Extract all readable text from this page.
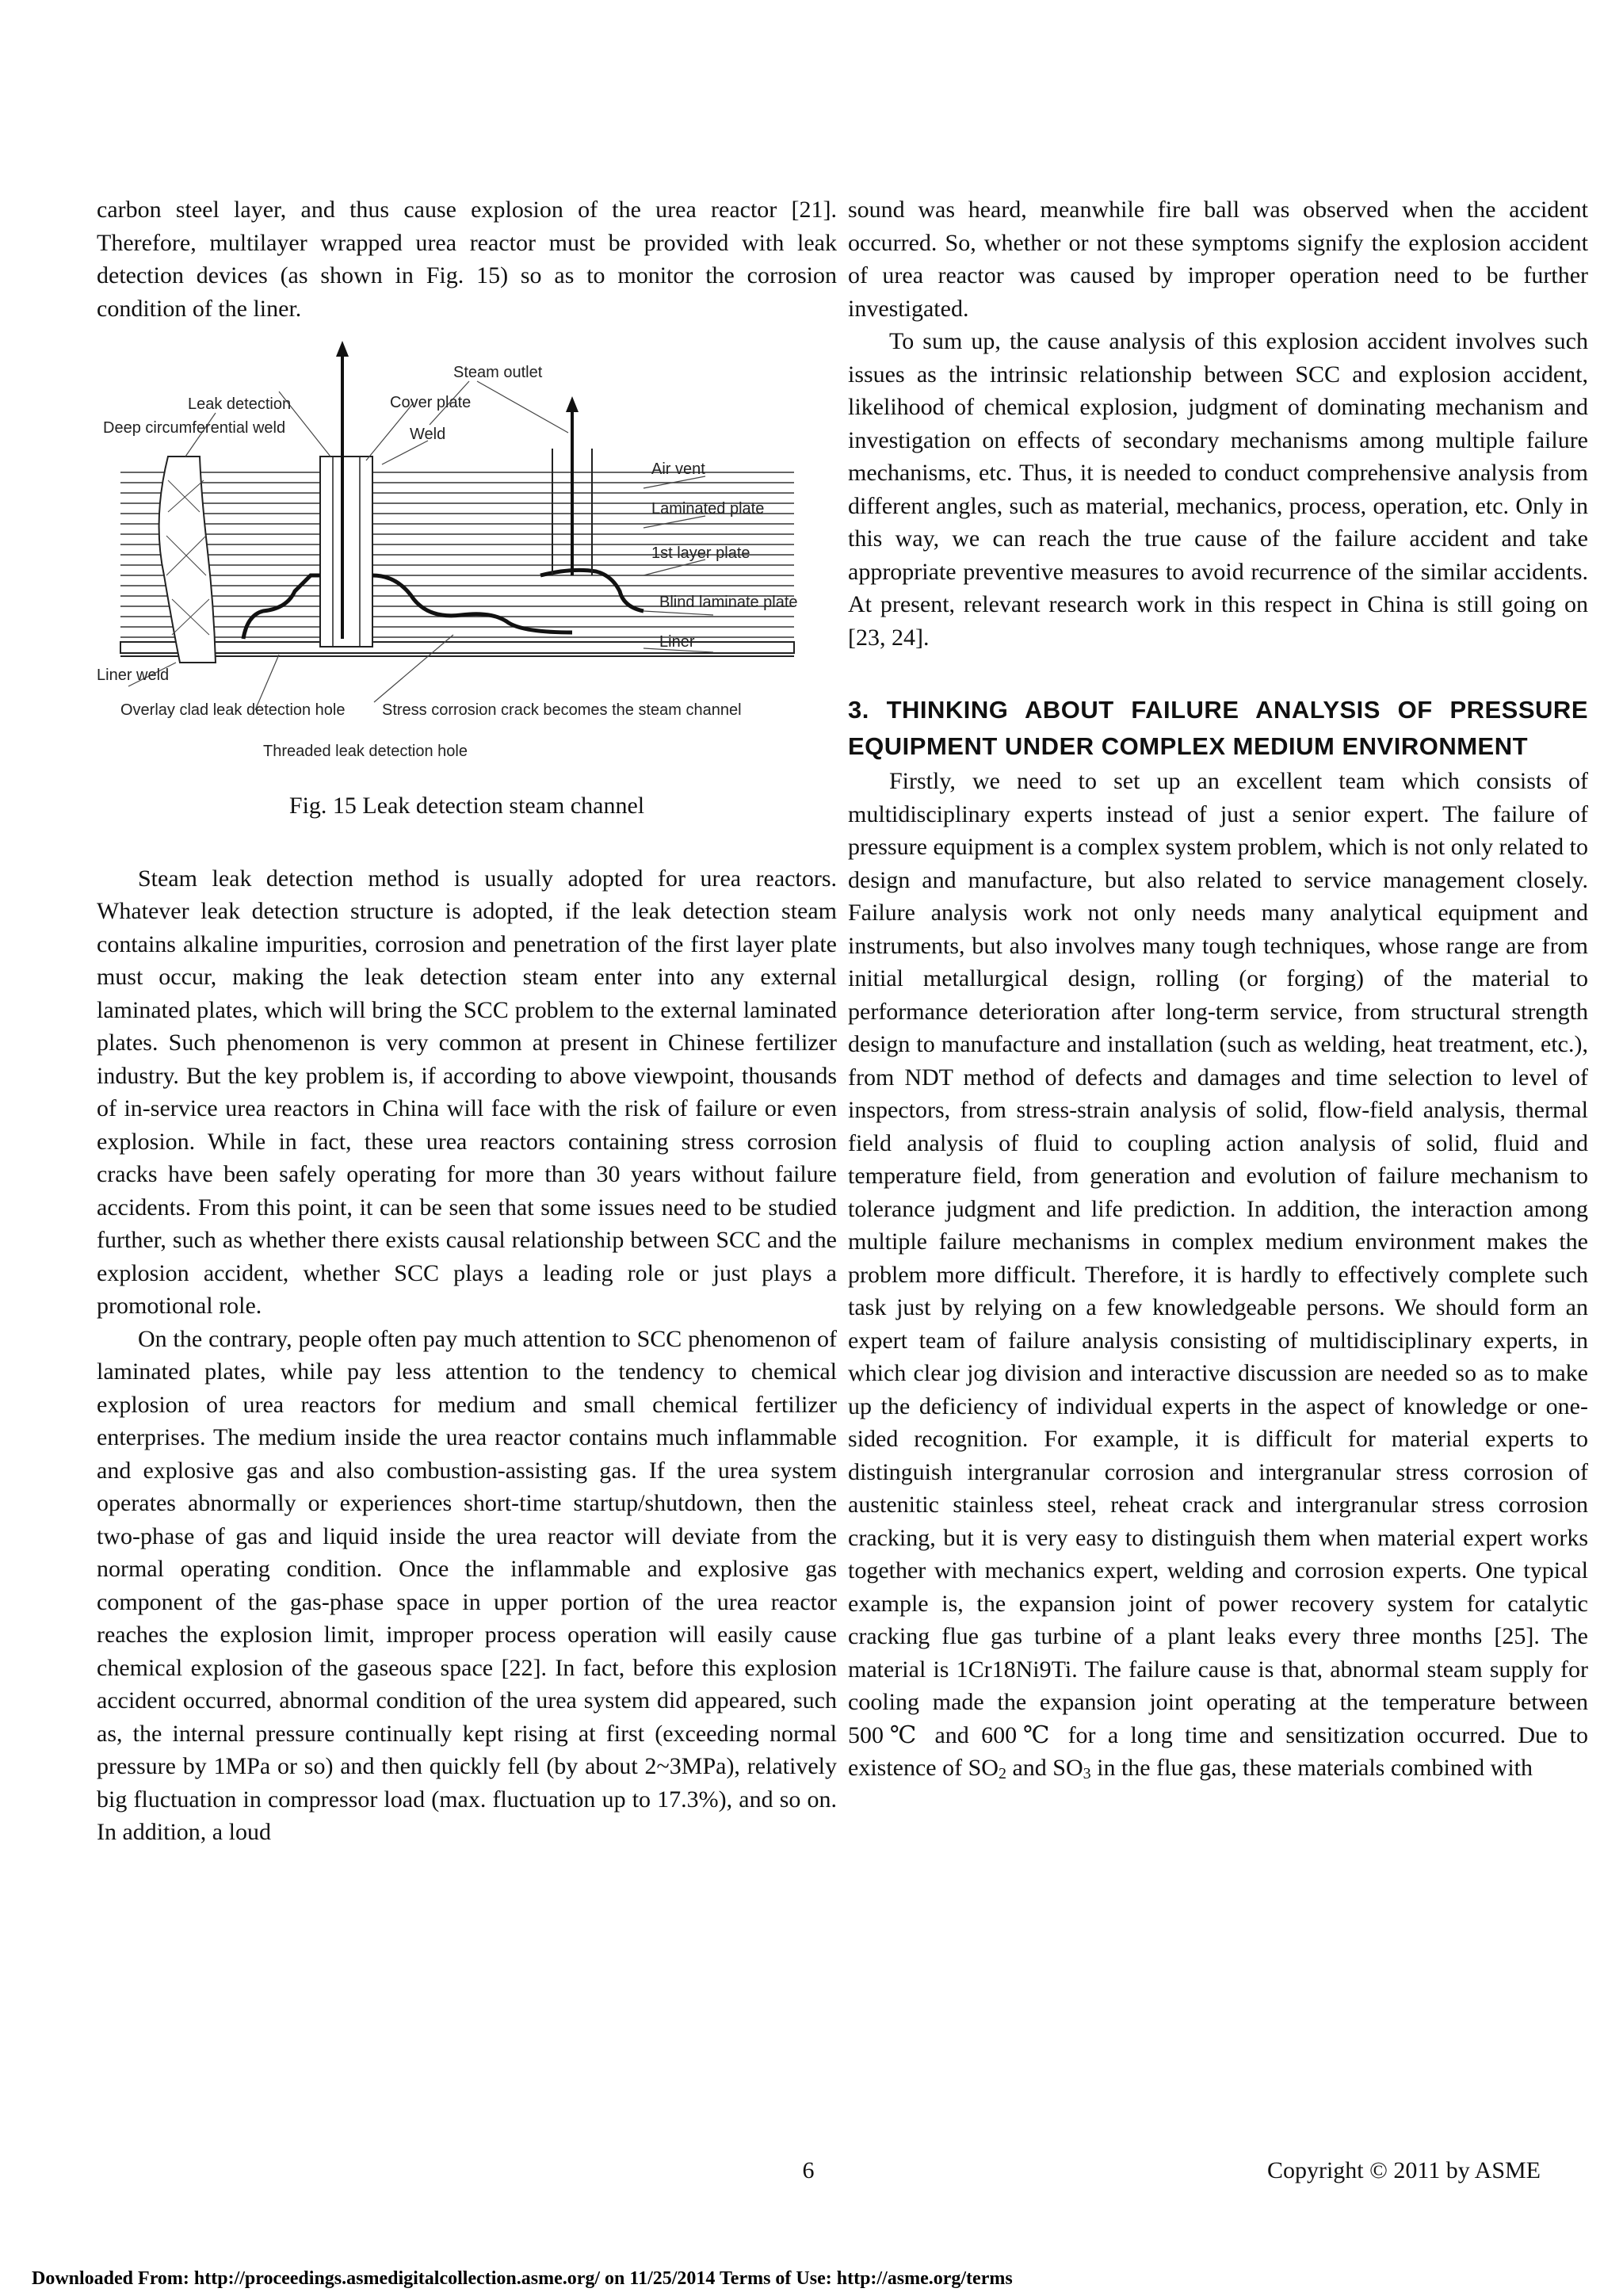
carbon steel layer, and thus cause explosion of the urea reactor [21]. Therefore, multilayer wrapped urea reactor must be provided with leak detection devices (as shown in Fig. 15) so as to monitor the corrosion condition of the liner.

Steam outlet
Leak detection	Cover plate
Deep circumferential weld	Weld
Air vent
Laminated plate
1st layer plate
Blind laminate plate
Liner
Liner weld
Overlay clad leak detection hole Stress corrosion crack becomes the steam channel
Threaded leak detection hole

Fig. 15 Leak detection steam channel

Steam leak detection method is usually adopted for urea reactors. Whatever leak detection structure is adopted, if the leak detection steam contains alkaline impurities, corrosion and penetration of the first layer plate must occur, making the leak detection steam enter into any external laminated plates, which will bring the SCC problem to the external laminated plates. Such phenomenon is very common at present in Chinese fertilizer industry. But the key problem is, if according to above viewpoint, thousands of in-service urea reactors in China will face with the risk of failure or even explosion. While in fact, these urea reactors containing stress corrosion cracks have been safely operating for more than 30 years without failure accidents. From this point, it can be seen that some issues need to be studied further, such as whether there exists causal relationship between SCC and the explosion accident, whether SCC plays a leading role or just plays a promotional role.

On the contrary, people often pay much attention to SCC phenomenon of laminated plates, while pay less attention to the tendency to chemical explosion of urea reactors for medium and small chemical fertilizer enterprises. The medium inside the urea reactor contains much inflammable and explosive gas and also combustion-assisting gas. If the urea system operates abnormally or experiences short-time startup/shutdown, then the two-phase of gas and liquid inside the urea reactor will deviate from the normal operating condition. Once the inflammable and explosive gas component of the gas-phase space in upper portion of the urea reactor reaches the explosion limit, improper process operation will easily cause chemical explosion of the gaseous space [22]. In fact, before this explosion accident occurred, abnormal condition of the urea system did appeared, such as, the internal pressure continually kept rising at first (exceeding normal pressure by 1MPa or so) and then quickly fell (by about 2~3MPa), relatively big fluctuation in compressor load (max. fluctuation up to 17.3%), and so on. In addition, a loud

sound was heard, meanwhile fire ball was observed when the accident occurred. So, whether or not these symptoms signify the explosion accident of urea reactor was caused by improper operation need to be further investigated.

To sum up, the cause analysis of this explosion accident involves such issues as the intrinsic relationship between SCC and explosion accident, likelihood of chemical explosion, judgment of dominating mechanism and investigation on effects of secondary mechanisms among multiple failure mechanisms, etc. Thus, it is needed to conduct comprehensive analysis from different angles, such as material, mechanics, process, operation, etc. Only in this way, we can reach the true cause of the failure accident and take appropriate preventive measures to avoid recurrence of the similar accidents. At present, relevant research work in this respect in China is still going on [23, 24].

3. THINKING ABOUT FAILURE ANALYSIS OF PRESSURE EQUIPMENT UNDER COMPLEX MEDIUM ENVIRONMENT

Firstly, we need to set up an excellent team which consists of multidisciplinary experts instead of just a senior expert. The failure of pressure equipment is a complex system problem, which is not only related to design and manufacture, but also related to service management closely. Failure analysis work not only needs many analytical equipment and instruments, but also involves many tough techniques, whose range are from initial metallurgical design, rolling (or forging) of the material to performance deterioration after long-term service, from structural strength design to manufacture and installation (such as welding, heat treatment, etc.), from NDT method of defects and damages and time selection to level of inspectors, from stress-strain analysis of solid, flow-field analysis, thermal field analysis of fluid to coupling action analysis of solid, fluid and temperature field, from generation and evolution of failure mechanism to tolerance judgment and life prediction. In addition, the interaction among multiple failure mechanisms in complex medium environment makes the problem more difficult. Therefore, it is hardly to effectively complete such task just by relying on a few knowledgeable persons. We should form an expert team of failure analysis consisting of multidisciplinary experts, in which clear jog division and interactive discussion are needed so as to make up the deficiency of individual experts in the aspect of knowledge or one-sided recognition. For example, it is difficult for material experts to distinguish intergranular corrosion and intergranular stress corrosion of austenitic stainless steel, reheat crack and intergranular stress corrosion cracking, but it is very easy to distinguish them when material expert works together with mechanics expert, welding and corrosion experts. One typical example is, the expansion joint of power recovery system for catalytic cracking flue gas turbine of a plant leaks every three months [25]. The material is 1Cr18Ni9Ti. The failure cause is that, abnormal steam supply for cooling made the expansion joint operating at the temperature between 500℃ and 600℃ for a long time and sensitization occurred. Due to existence of $SO_2$ and $SO_3$ in the flue gas, these materials combined with

6	Copyright © 2011 by ASME
Downloaded From: http://proceedings.asmedigitalcollection.asme.org/ on 11/25/2014 Terms of Use: http://asme.org/terms
